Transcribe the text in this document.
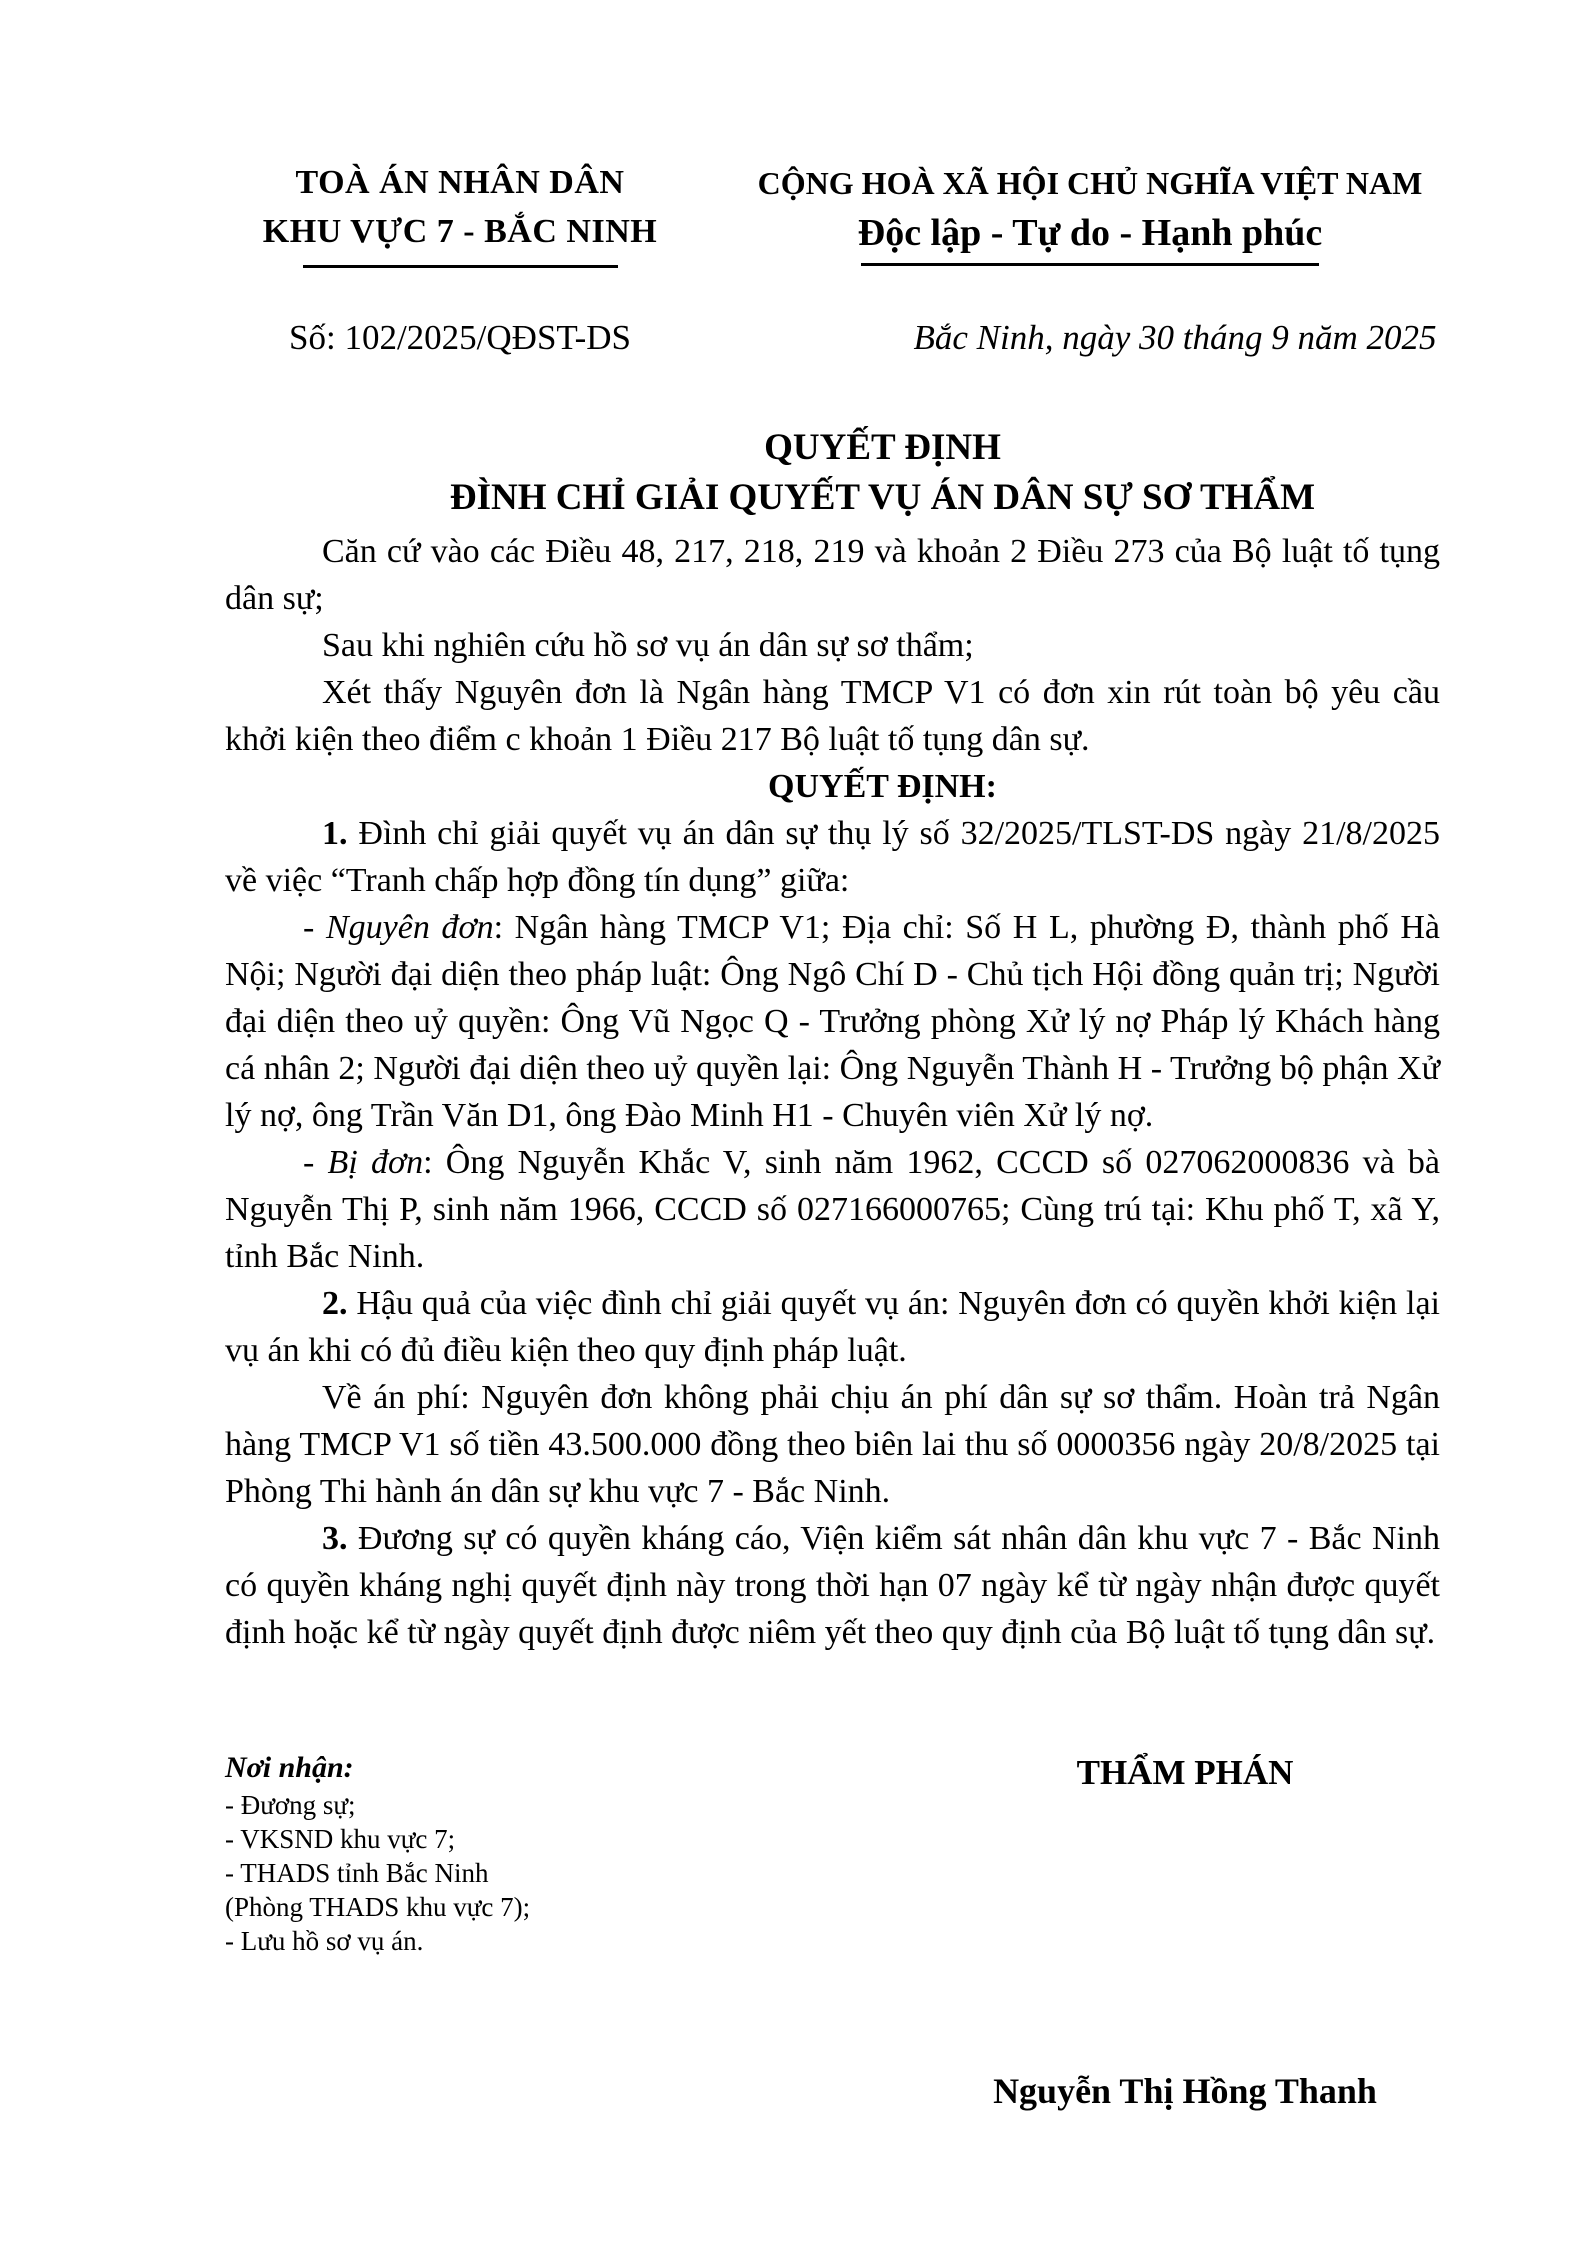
TOÀ ÁN NHÂN DÂN
KHU VỰC 7 - BẮC NINH
CỘNG HOÀ XÃ HỘI CHỦ NGHĨA VIỆT NAM
Độc lập - Tự do - Hạnh phúc
Số: 102/2025/QĐST-DS	Bắc Ninh, ngày 30 tháng 9 năm 2025
QUYẾT ĐỊNH
ĐÌNH CHỈ GIẢI QUYẾT VỤ ÁN DÂN SỰ SƠ THẨM

Căn cứ vào các Điều 48, 217, 218, 219 và khoản 2 Điều 273 của Bộ luật tố tụng dân sự;

Sau khi nghiên cứu hồ sơ vụ án dân sự sơ thẩm;

Xét thấy Nguyên đơn là Ngân hàng TMCP V1 có đơn xin rút toàn bộ yêu cầu khởi kiện theo điểm c khoản 1 Điều 217 Bộ luật tố tụng dân sự.

QUYẾT ĐỊNH:

1. Đình chỉ giải quyết vụ án dân sự thụ lý số 32/2025/TLST-DS ngày 21/8/2025 về việc “Tranh chấp hợp đồng tín dụng” giữa:

- Nguyên đơn: Ngân hàng TMCP V1; Địa chỉ: Số H L, phường Đ, thành phố Hà Nội; Người đại diện theo pháp luật: Ông Ngô Chí D - Chủ tịch Hội đồng quản trị; Người đại diện theo uỷ quyền: Ông Vũ Ngọc Q - Trưởng phòng Xử lý nợ Pháp lý Khách hàng cá nhân 2; Người đại diện theo uỷ quyền lại: Ông Nguyễn Thành H - Trưởng bộ phận Xử lý nợ, ông Trần Văn D1, ông Đào Minh H1 - Chuyên viên Xử lý nợ.

- Bị đơn: Ông Nguyễn Khắc V, sinh năm 1962, CCCD số 027062000836 và bà Nguyễn Thị P, sinh năm 1966, CCCD số 027166000765; Cùng trú tại: Khu phố T, xã Y, tỉnh Bắc Ninh.

2. Hậu quả của việc đình chỉ giải quyết vụ án: Nguyên đơn có quyền khởi kiện lại vụ án khi có đủ điều kiện theo quy định pháp luật.

Về án phí: Nguyên đơn không phải chịu án phí dân sự sơ thẩm. Hoàn trả Ngân hàng TMCP V1 số tiền 43.500.000 đồng theo biên lai thu số 0000356 ngày 20/8/2025 tại Phòng Thi hành án dân sự khu vực 7 - Bắc Ninh.

3. Đương sự có quyền kháng cáo, Viện kiểm sát nhân dân khu vực 7 - Bắc Ninh có quyền kháng nghị quyết định này trong thời hạn 07 ngày kể từ ngày nhận được quyết định hoặc kể từ ngày quyết định được niêm yết theo quy định của Bộ luật tố tụng dân sự.

Nơi nhận:
- Đương sự;
- VKSND khu vực 7;
- THADS tỉnh Bắc Ninh
(Phòng THADS khu vực 7);
- Lưu hồ sơ vụ án.
THẨM PHÁN
Nguyễn Thị Hồng Thanh
